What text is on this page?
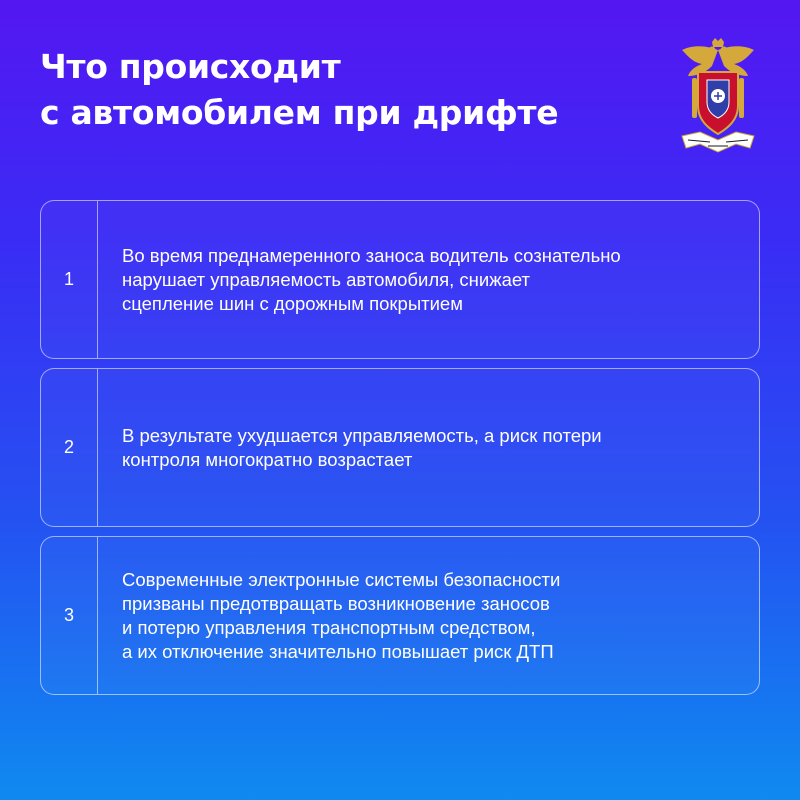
Что происходит
с автомобилем при дрифте
1
Во время преднамеренного заноса водитель сознательно
нарушает управляемость автомобиля, снижает
сцепление шин с дорожным покрытием
2
В результате ухудшается управляемость, а риск потери
контроля многократно возрастает
3
Современные электронные системы безопасности
призваны предотвращать возникновение заносов
и потерю управления транспортным средством,
а их отключение значительно повышает риск ДТП
